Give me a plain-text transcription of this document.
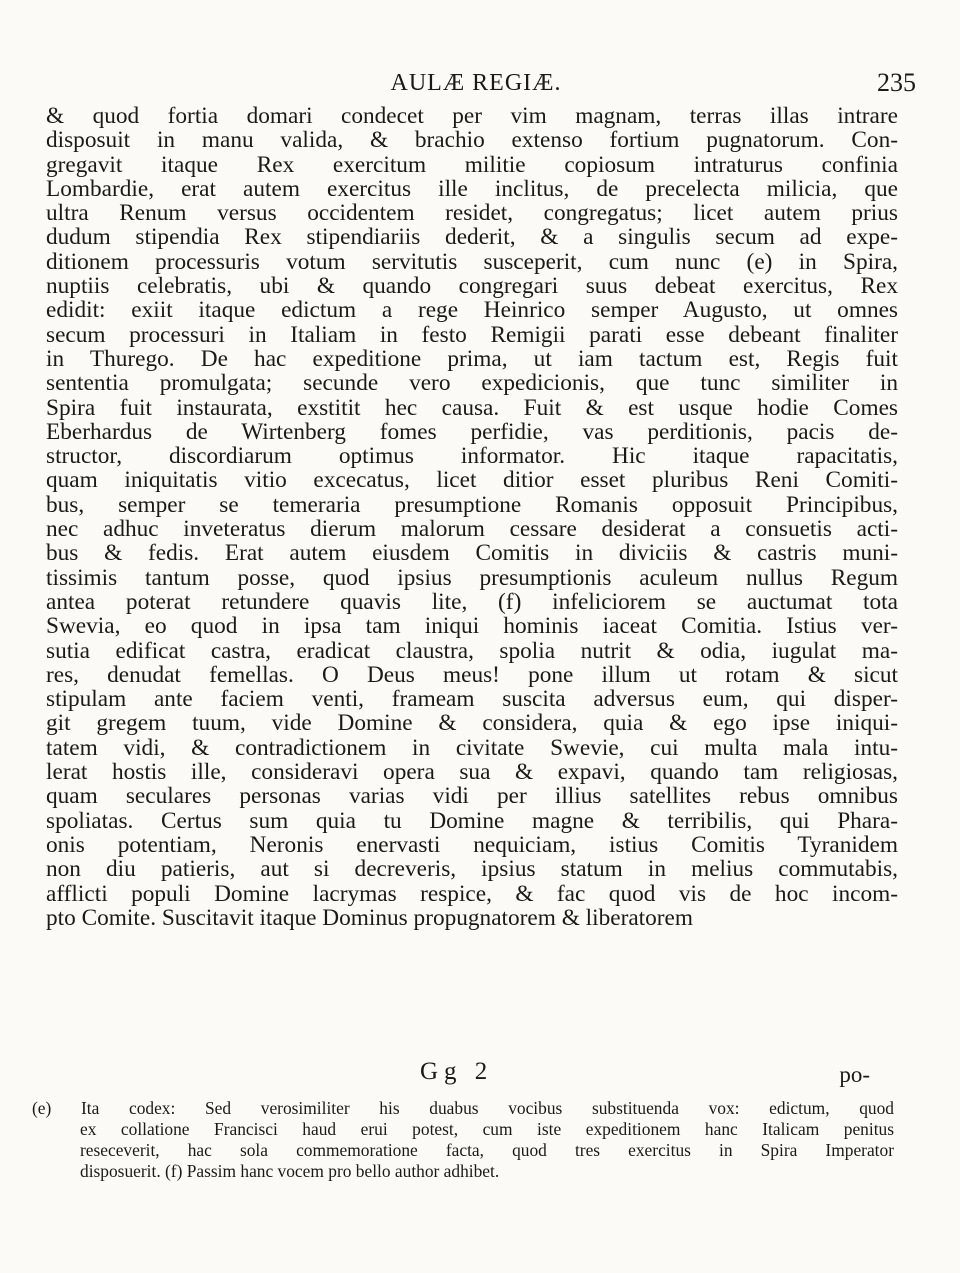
AULÆ REGIÆ.	235
& quod fortia domari condecet per vim magnam, terras illas intrare
disposuit in manu valida, & brachio extenso fortium pugnatorum. Con-
gregavit itaque Rex exercitum militie copiosum intraturus confinia
Lombardie, erat autem exercitus ille inclitus, de precelecta milicia, que
ultra Renum versus occidentem residet, congregatus; licet autem prius
dudum stipendia Rex stipendiariis dederit, & a singulis secum ad expe-
ditionem processuris votum servitutis susceperit, cum nunc (e) in Spira,
nuptiis celebratis, ubi & quando congregari suus debeat exercitus, Rex
edidit: exiit itaque edictum a rege Heinrico semper Augusto, ut omnes
secum processuri in Italiam in festo Remigii parati esse debeant finaliter
in Thurego. De hac expeditione prima, ut iam tactum est, Regis fuit
sententia promulgata; secunde vero expedicionis, que tunc similiter in
Spira fuit instaurata, exstitit hec causa. Fuit & est usque hodie Comes
Eberhardus de Wirtenberg fomes perfidie, vas perditionis, pacis de-
structor, discordiarum optimus informator. Hic itaque rapacitatis,
quam iniquitatis vitio excecatus, licet ditior esset pluribus Reni Comiti-
bus, semper se temeraria presumptione Romanis opposuit Principibus,
nec adhuc inveteratus dierum malorum cessare desiderat a consuetis acti-
bus & fedis. Erat autem eiusdem Comitis in diviciis & castris muni-
tissimis tantum posse, quod ipsius presumptionis aculeum nullus Regum
antea poterat retundere quavis lite, (f) infeliciorem se auctumat tota
Swevia, eo quod in ipsa tam iniqui hominis iaceat Comitia. Istius ver-
sutia edificat castra, eradicat claustra, spolia nutrit & odia, iugulat ma-
res, denudat femellas. O Deus meus! pone illum ut rotam & sicut
stipulam ante faciem venti, frameam suscita adversus eum, qui disper-
git gregem tuum, vide Domine & considera, quia & ego ipse iniqui-
tatem vidi, & contradictionem in civitate Swevie, cui multa mala intu-
lerat hostis ille, consideravi opera sua & expavi, quando tam religiosas,
quam seculares personas varias vidi per illius satellites rebus omnibus
spoliatas. Certus sum quia tu Domine magne & terribilis, qui Phara-
onis potentiam, Neronis enervasti nequiciam, istius Comitis Tyranidem
non diu patieris, aut si decreveris, ipsius statum in melius commutabis,
afflicti populi Domine lacrymas respice, & fac quod vis de hoc incom-
pto Comite. Suscitavit itaque Dominus propugnatorem & liberatorem
Gg 2	po-
(e) Ita codex: Sed verosimiliter his duabus vocibus substituenda vox: edictum, quod
ex collatione Francisci haud erui potest, cum iste expeditionem hanc Italicam penitus
reseceverit, hac sola commemoratione facta, quod tres exercitus in Spira Imperator
disposuerit. (f) Passim hanc vocem pro bello author adhibet.
